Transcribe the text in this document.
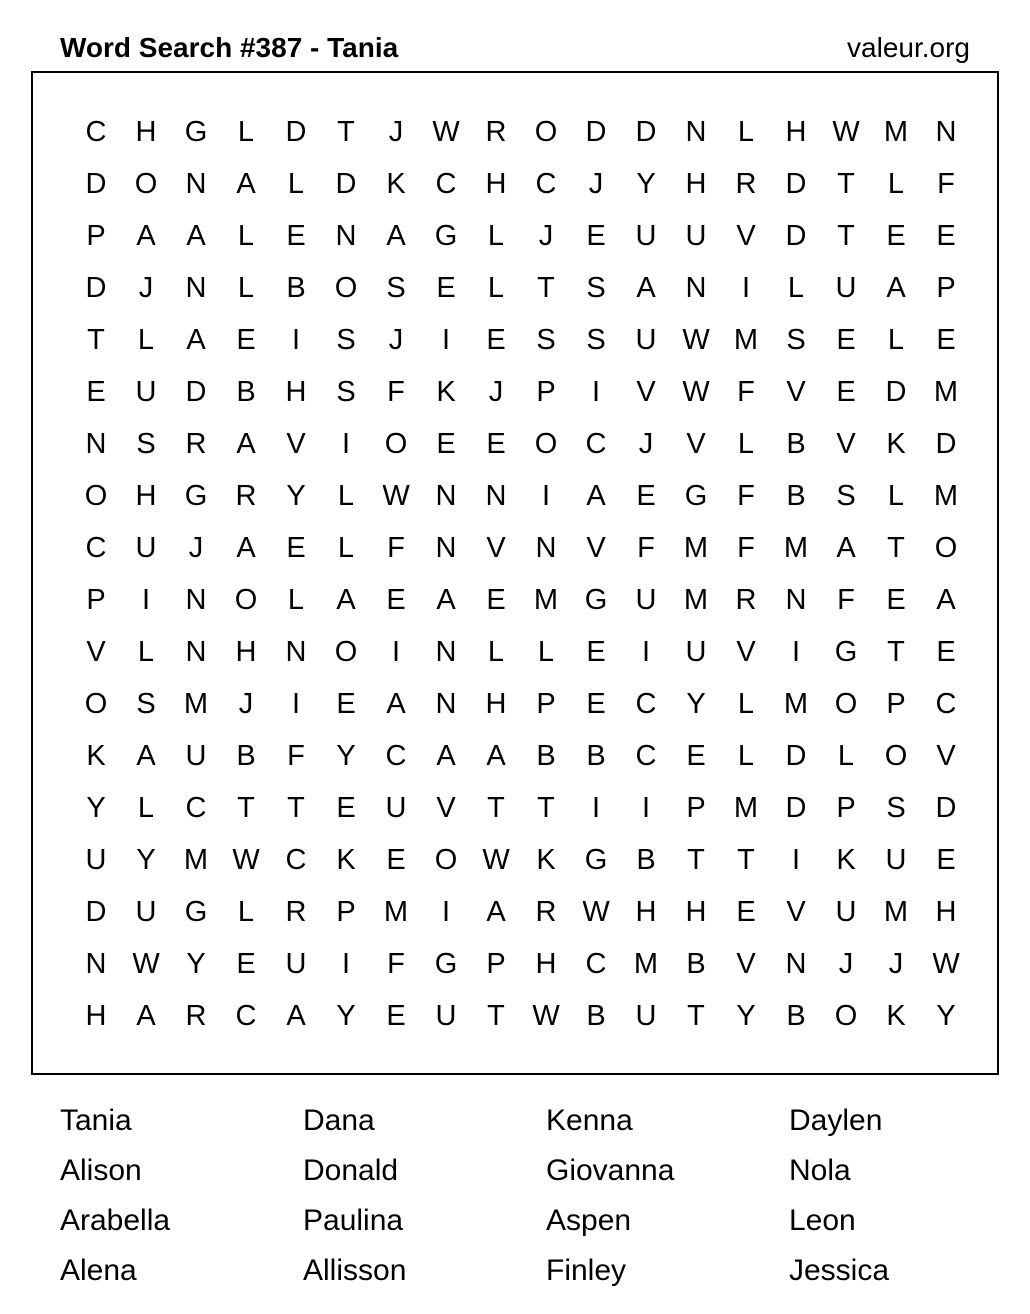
Word Search #387 - Tania	valeur.org
C	H G	L	D	T	J	W R O D	D	N	L	H W M N
D O N	A	L	D	K	C	H	C	J	Y	H	R	D	T	L	F
P	A	A	L	E	N	A	G	L	J	E	U	U	V	D	T	E	E
D	J	N	L	B	O	S	E	L	T	S	A	N	I	L	U	A	P
T	L	A	E	I	S	J	I	E	S	S	U W M S	E	L	E
E	U	D	B	H	S	F	K	J	P	I	V W F	V	E	D M
N	S	R	A	V	I	O	E	E	O C	J	V	L	B	V	K	D
O H G R	Y	L W N	N	I	A	E	G	F	B	S	L	M
C	U	J	A	E	L	F	N	V	N	V	F	M	F	M A	T	O
P	I	N O	L	A	E	A	E M G U M R	N	F	E	A
V	L	N	H	N O	I	N	L	L	E	I	U	V	I	G	T	E
O	S M	J	I	E	A	N	H	P	E	C	Y	L	M O	P	C
K	A	U	B	F	Y	C	A	A	B	B	C	E	L	D	L	O	V
Y	L	C	T	T	E	U	V	T	T	I	I	P M D	P	S	D
U	Y M W C	K	E	O W K	G	B	T	T	I	K	U	E
D	U G	L	R	P M	I	A	R W H	H	E	V	U M H
N W Y	E	U	I	F	G	P	H	C M B	V	N	J	J	W
H	A	R	C	A	Y	E	U	T W B	U	T	Y	B	O	K	Y
Tania	Dana	Kenna	Daylen
Alison	Donald	Giovanna	Nola
Arabella	Paulina	Aspen	Leon
Alena	Allisson	Finley	Jessica
